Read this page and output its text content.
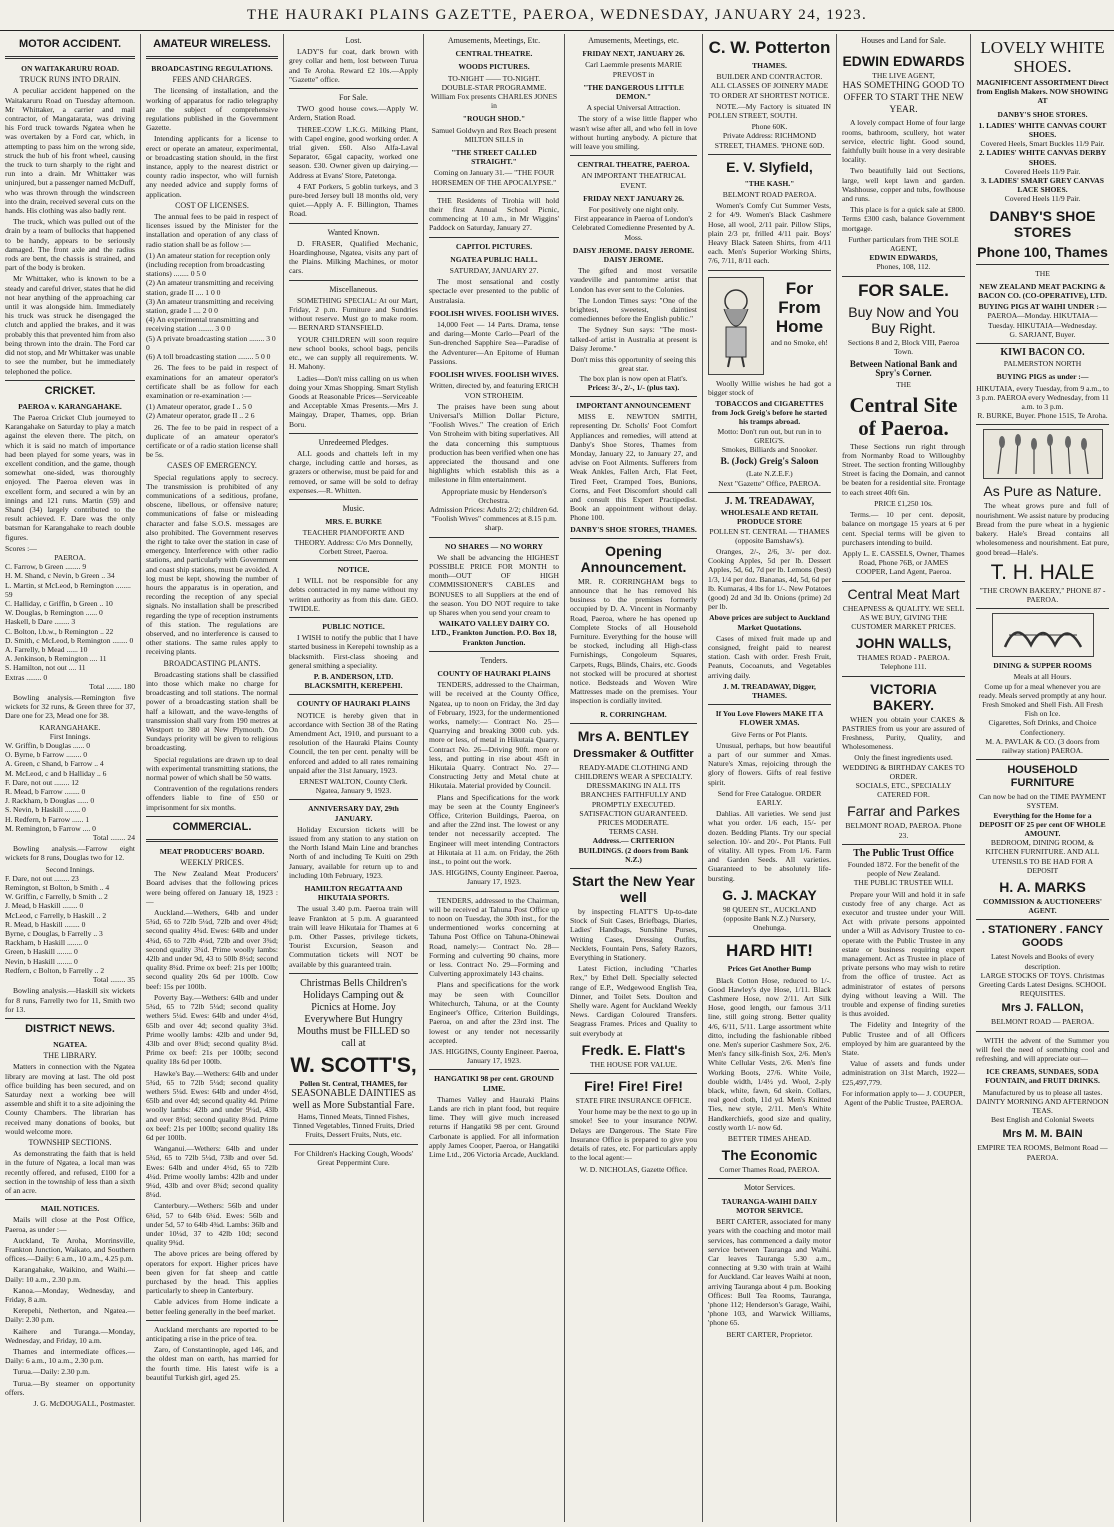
THE HAURAKI PLAINS GAZETTE, PAEROA, WEDNESDAY, JANUARY 24, 1923.
MOTOR ACCIDENT.
ON WAITAKARURU ROAD.
TRUCK RUNS INTO DRAIN.
A peculiar accident happened on the Waitakaruru Road on Tuesday afternoon. Mr Whittaker, a carrier and mail contractor, of Mangatarata, was driving his Ford truck towards Ngatea when he was overtaken by a Ford car, which, in attempting to pass him on the wrong side, struck the hub of his front wheel, causing the truck to turn sharply to the right and run into a drain. Mr Whittaker was uninjured, but a passenger named McDuff, who was thrown through the windscreen into the drain, received several cuts on the hands. His clothing was also badly rent.
The truck, which was pulled out of the drain by a team of bullocks that happened to be handy, appears to be seriously damaged. The front axle and the radius rods are bent, the chassis is strained, and part of the body is broken.
Mr Whittaker, who is known to be a steady and careful driver, states that he did not hear anything of the approaching car until it was alongside him. Immediately his truck was struck he disengaged the clutch and applied the brakes, and it was probably this that prevented him from also being thrown into the drain. The Ford car did not stop, and Mr Whittaker was unable to see the number, but he immediately telephoned the police.
CRICKET.
PAEROA v. KARANGAHAKE.
The Paeroa Cricket Club journeyed to Karangahake on Saturday to play a match against the eleven there. The pitch, on which it is said no match of importance had been played for some years, was in excellent condition, and the game, though somewhat one-sided, was thoroughly enjoyed. The Paeroa eleven was in excellent form, and secured a win by an innings and 121 runs. Martin (59) and Shand (34) largely contributed to the result achieved. F. Dare was the only batsman for Karangahake to reach double figures.
Scores :—
PAEROA.
C. Farrow, b Green ........ 9
H. M. Shand, c Nevin, b Green .. 34
L. Martin, st McLeod, b Remington ........ 59
C. Halliday, c Griffin, b Green .. 10
W. Douglas, b Remington ...... 0
Haskell, b Dare ........ 3
C. Bolton, l.b.w., b Remington .. 22
D. Smith, c McLeod, b Remington ........ 0
A. Farrelly, b Mead ...... 10
A. Jenkinson, b Remington .... 11
S. Hamilton, not out .... 11
Extras ........ 0
Total ........ 180
Bowling analysis.—Remington five wickets for 32 runs, & Green three for 37, Dare one for 23, Mead one for 38.
KARANGAHAKE.
First Innings.
W. Griffin, b Douglas ...... 0
O. Byrne, b Farrow ........ 0
A. Green, c Shand, b Farrow .. 4
M. McLeod, c and b Halliday .. 6
F. Dare, not out ........ 12
R. Mead, b Farrow ........ 0
J. Rackham, b Douglas ...... 0
S. Nevin, b Haskill ........ 0
H. Redfern, b Farrow ...... 1
M. Remington, b Farrow .... 0
Total ........ 24
Bowling analysis.—Farrow eight wickets for 8 runs, Douglas two for 12.
Second Innings.
F. Dare, not out ........ 23
Remington, st Bolton, b Smith .. 4
W. Griffin, c Farrelly, b Smith .. 2
J. Mead, b Haskill ........ 0
McLeod, c Farrelly, b Haskill .. 2
R. Mead, b Haskill ........ 0
Byrne, c Douglas, b Farrelly .. 3
Rackham, b Haskill ........ 0
Green, b Haskill ........ 0
Nevin, b Haskill ........ 0
Redfern, c Bolton, b Farrelly .. 2
Total ........ 35
Bowling analysis.—Haskill six wickets for 8 runs, Farrelly two for 11, Smith two for 13.
DISTRICT NEWS.
NGATEA.
THE LIBRARY.
Matters in connection with the Ngatea library are moving at last. The old post office building has been secured, and on Saturday next a working bee will assemble and shift it to a site adjoining the County Chambers. The librarian has received many donations of books, but would welcome more.
TOWNSHIP SECTIONS.
As demonstrating the faith that is held in the future of Ngatea, a local man was recently offered, and refused, £100 for a section in the township of less than a sixth of an acre.
MAIL NOTICES.
Mails will close at the Post Office, Paeroa, as under :—
Auckland, Te Aroha, Morrinsville, Frankton Junction, Waikato, and Southern offices.—Daily: 6 a.m., 10 a.m., 4.25 p.m.
Karangahake, Waikino, and Waihi.—Daily: 10 a.m., 2.30 p.m.
Kanoa.—Monday, Wednesday, and Friday, 8 a.m.
Kerepehi, Netherton, and Ngatea.—Daily: 2.30 p.m.
Kaihere and Turanga.—Monday, Wednesday, and Friday, 10 a.m.
Thames and intermediate offices.—Daily: 6 a.m., 10 a.m., 2.30 p.m.
Turua.—Daily: 2.30 p.m.
Turua.—By steamer on opportunity offers.
J. G. McDOUGALL, Postmaster.
AMATEUR WIRELESS.
BROADCASTING REGULATIONS.
FEES AND CHARGES.
The licensing of installation, and the working of apparatus for radio telegraphy are the subject of comprehensive regulations published in the Government Gazette.
Intending applicants for a license to erect or operate an amateur, experimental, or broadcasting station should, in the first instance, apply to the nearest district or county radio inspector, who will furnish any needed advice and supply forms of application.
COST OF LICENSES.
The annual fees to be paid in respect of licenses issued by the Minister for the installation and operation of any class of radio station shall be as follow :—
(1) An amateur station for reception only (including reception from broadcasting stations) ........ 0 5 0
(2) An amateur transmitting and receiving station, grade II .... 1 0 0
(3) An amateur transmitting and receiving station, grade I .... 2 0 0
(4) An experimental transmitting and receiving station ........ 3 0 0
(5) A private broadcasting station ........ 3 0 0
(6) A toll broadcasting station ........ 5 0 0
26. The fees to be paid in respect of examinations for an amateur operator's certificate shall be as follow for each examination or re-examination :—
(1) Amateur operator, grade I .. 5 0
(2) Amateur operator, grade II .. 2 6
26. The fee to be paid in respect of a duplicate of an amateur operator's certificate or of a radio station license shall be 5s.
CASES OF EMERGENCY.
Special regulations apply to secrecy. The transmission is prohibited of any communications of a seditious, profane, obscene, libellous, or offensive nature; communications of false or misleading character and false S.O.S. messages are also prohibited. The Government reserves the right to take over the station in case of emergency. Interference with other radio stations, and particularly with Government and coast ship stations, must be avoided. A log must be kept, showing the number of hours the apparatus is in operation, and recording the reception of any special signals. No installation shall be prescribed regarding the type of reception instruments of this station. The regulations are observed, and no interference is caused to other stations. The same rules apply to receiving plants.
BROADCASTING PLANTS.
Broadcasting stations shall be classified into those which make no charge for broadcasting and toll stations. The normal power of a broadcasting station shall be half a kilowatt, and the wave-lengths of transmission shall vary from 190 metres at Westport to 380 at New Plymouth. On Sundays priority will be given to religious broadcasting.
Special regulations are drawn up to deal with experimental transmitting stations, the normal power of which shall be 50 watts.
Contravention of the regulations renders offenders liable to fine of £50 or imprisonment for six months.
COMMERCIAL.
MEAT PRODUCERS' BOARD.
WEEKLY PRICES.
The New Zealand Meat Producers' Board advises that the following prices were being offered on January 18, 1923 :—
Auckland.—Wethers, 64lb and under 5¾d, 65 to 72lb 5¼d, 72lb and over 4¾d; second quality 4¾d. Ewes: 64lb and under 4¾d, 65 to 72lb 4¼d, 72lb and over 3¾d; second quality 3¾d. Prime woolly lambs: 42lb and under 9d, 43 to 50lb 8½d; second quality 8¼d. Prime ox beef: 21s per 100lb; second quality 20s 6d per 100lb. Cow beef: 15s per 100lb.
Poverty Bay.—Wethers: 64lb and under 5¾d, 65 to 72lb 5¼d; second quality wethers 5¼d. Ewes: 64lb and under 4½d, 65lb and over 4d; second quality 3¾d. Prime woolly lambs: 42lb and under 9d, 43lb and over 8¾d; second quality 8¼d. Prime ox beef: 21s per 100lb; second quality 18s 6d per 100lb.
Hawke's Bay.—Wethers: 64lb and under 5¾d, 65 to 72lb 5¼d; second quality wethers 5¼d. Ewes: 64lb and under 4½d, 65lb and over 4d; second quality 4d. Prime woolly lambs: 42lb and under 9¼d, 43lb and over 8¾d; second quality 8¼d. Prime ox beef: 21s per 100lb; second quality 18s 6d per 100lb.
Wanganui.—Wethers: 64lb and under 5¾d, 65 to 72lb 5¼d, 73lb and over 5d. Ewes: 64lb and under 4½d, 65 to 72lb 4¼d. Prime woolly lambs: 42lb and under 9¼d, 43lb and over 8¾d; second quality 8¼d.
Canterbury.—Wethers: 56lb and under 6¾d, 57 to 64lb 6¼d. Ewes: 56lb and under 5d, 57 to 64lb 4¾d. Lambs: 36lb and under 10¼d, 37 to 42lb 10d; second quality 9¾d.
The above prices are being offered by operators for export. Higher prices have been given for fat sheep and cattle purchased by the head. This applies particularly to sheep in Canterbury.
Cable advices from Home indicate a better feeling generally in the beef market.
Auckland merchants are reported to be anticipating a rise in the price of tea.
Zaro, of Constantinople, aged 146, and the oldest man on earth, has married for the fourth time. His latest wife is a beautiful Turkish girl, aged 25.
Lost.
LADY'S fur coat, dark brown with grey collar and hem, lost between Turua and Te Aroha. Reward £2 10s.—Apply "Gazette" office.
For Sale.
TWO good house cows.—Apply W. Ardern, Station Road.
THREE-COW L.K.G. Milking Plant, with Capel engine, good working order. A trial given. £60. Also Alfa-Laval Separator, 65gal capacity, worked one season. £30. Owner given up dairying.—Address at Evans' Store, Patetonga.
4 FAT Porkers, 5 goblin turkeys, and 3 pure-bred Jersey bull 18 months old, very quiet.—Apply A. F. Billington, Thames Road.
Wanted Known.
D. FRASER, Qualified Mechanic, Hoardinghouse, Ngatea, visits any part of the Plains. Milking Machines, or motor cars.
Miscellaneous.
SOMETHING SPECIAL: At our Mart, Friday, 2 p.m. Furniture and Sundries without reserve. Must go to make room.— BERNARD STANSFIELD.
YOUR CHILDREN will soon require new school books, school bags, pencils etc., we can supply all requirements. W. H. Mahony.
Ladies—Don't miss calling on us when doing your Xmas Shopping. Smart Stylish Goods at Reasonable Prices—Serviceable and Acceptable Xmas Presents.—Mrs J. Maingay, Draper, Thames, opp. Brian Boru.
Unredeemed Pledges.
ALL goods and chattels left in my charge, including cattle and horses, as grazers or otherwise, must be paid for and removed, or same will be sold to defray expenses.—R. Whitten.
Music.
MRS. E. BURKE
TEACHER PIANOFORTE AND THEORY. Address: C/o Mrs Donnelly, Corbett Street, Paeroa.
NOTICE.
I WILL not be responsible for any debts contracted in my name without my written authority as from this date. GEO. TWIDLE.
PUBLIC NOTICE.
I WISH to notify the public that I have started business in Kerepehi township as a blacksmith. First-class shoeing and general smithing a speciality.
P. B. ANDERSON, LTD. BLACKSMITH, KEREPEHI.
COUNTY OF HAURAKI PLAINS
NOTICE is hereby given that in accordance with Section 38 of the Rating Amendment Act, 1910, and pursuant to a resolution of the Hauraki Plains County Council, the ten per cent. penalty will be enforced and added to all rates remaining unpaid after the 31st January, 1923.
ERNEST WALTON, County Clerk. Ngatea, January 9, 1923.
ANNIVERSARY DAY, 29th JANUARY.
Holiday Excursion tickets will be issued from any station to any station on the North Island Main Line and branches North of and including Te Kuiti on 29th January, available for return up to and including 10th February, 1923.
HAMILTON REGATTA AND HIKUTAIA SPORTS.
The usual 3.40 p.m. Paeroa train will leave Frankton at 5 p.m. A guaranteed train will leave Hikutaia for Thames at 6 p.m. Other Passes, privilege tickets, Tourist Excursion, Season and Commutation tickets will NOT be available by this guaranteed train.
Christmas Bells Children's Holidays Camping out & Picnics at Home. Joy Everywhere But Hungry Mouths must be FILLED so call at
W. SCOTT'S,
Pollen St. Central, THAMES, for
SEASONABLE DAINTIES as well as More Substantial Fare.
Hams, Tinned Meats, Tinned Fishes, Tinned Vegetables, Tinned Fruits, Dried Fruits, Dessert Fruits, Nuts, etc.
For Children's Hacking Cough, Woods' Great Peppermint Cure.
Amusements, Meetings, Etc.
CENTRAL THEATRE.
WOODS PICTURES.
TO-NIGHT —— TO-NIGHT.
DOUBLE-STAR PROGRAMME.
William Fox presents CHARLES JONES in
"ROUGH SHOD."
Samuel Goldwyn and Rex Beach present MILTON SILLS in
"THE STREET CALLED STRAIGHT."
Coming on January 31.— "THE FOUR HORSEMEN OF THE APOCALYPSE."
THE Residents of Tirohia will hold their first Annual School Picnic, commencing at 10 a.m., in Mr Wiggins' Paddock on Saturday, January 27.
CAPITOL PICTURES.
NGATEA PUBLIC HALL.
SATURDAY, JANUARY 27.
The most sensational and costly spectacle ever presented to the public of Australasia.
FOOLISH WIVES. FOOLISH WIVES.
14,000 Feet — 14 Parts. Drama, tense and daring—Monte Carlo—Pearl of the Sun-drenched Sapphire Sea—Paradise of the Adventurer—An Epitome of Human Passions.
FOOLISH WIVES. FOOLISH WIVES.
Written, directed by, and featuring ERICH VON STROHEIM.
The praises have been sung about Universal's Million Dollar Picture, "Foolish Wives." The creation of Erich Von Stroheim with biting superlatives. All the data concerning this sumptuous production has been verified when one has appreciated the thousand and one highlights which establish this as a milestone in film entertainment.
Appropriate music by Henderson's Orchestra.
Admission Prices: Adults 2/2; children 6d. "Foolish Wives" commences at 8.15 p.m. sharp.
NO SHARES — NO WORRY
We shall be advancing the HIGHEST POSSIBLE PRICE FOR MONTH to month—OUT OF HIGH COMMISSIONER'S CABLES and BONUSES to all Suppliers at the end of the season. You DO NOT require to take up Shares when you send your cream to
WAIKATO VALLEY DAIRY CO. LTD., Frankton Junction. P.O. Box 18, Frankton Junction.
Tenders.
COUNTY OF HAURAKI PLAINS
TENDERS, addressed to the Chairman, will be received at the County Office, Ngatea, up to noon on Friday, the 3rd day of February, 1923, for the undermentioned works, namely:— Contract No. 25—Quarrying and breaking 3000 cub. yds. more or less, of metal in Hikutaia Quarry. Contract No. 26—Driving 90ft. more or less, and putting in rise about 45ft in Hikutaia Quarry. Contract No. 27—Constructing Jetty and Metal chute at Hikutaia. Material provided by Council.
Plans and Specifications for the work may be seen at the County Engineer's Office, Criterion Buildings, Paeroa, on and after the 22nd inst. The lowest or any tender not necessarily accepted. The Engineer will meet intending Contractors at Hikutaia at 11 a.m. on Friday, the 26th inst., to point out the work.
JAS. HIGGINS, County Engineer. Paeroa, January 17, 1923.
TENDERS, addressed to the Chairman, will be received at Tahuna Post Office up to noon on Tuesday, the 30th inst., for the undermentioned works concerning at Tahuna Post Office on Tahuna-Ohinewai Road, namely:— Contract No. 28—Forming and culverting 90 chains, more or less. Contract No. 29—Forming and Culverting approximately 143 chains.
Plans and specifications for the work may be seen with Councillor Whitechurch, Tahuna, or at the County Engineer's Office, Criterion Buildings, Paeroa, on and after the 23rd inst. The lowest or any tender not necessarily accepted.
JAS. HIGGINS, County Engineer. Paeroa, January 17, 1923.
HANGATIKI 98 per cent. GROUND LIME.
Thames Valley and Hauraki Plains Lands are rich in plant food, but require lime. They will give much increased returns if Hangatiki 98 per cent. Ground Carbonate is applied. For all information apply James Cooper, Paeroa, or Hangatiki Lime Ltd., 206 Victoria Arcade, Auckland.
Amusements, Meetings, etc.
FRIDAY NEXT, JANUARY 26.
Carl Laemmle presents MARIE PREVOST in
"THE DANGEROUS LITTLE DEMON."
A special Universal Attraction.
The story of a wise little flapper who wasn't wise after all, and who fell in love without hurting anybody. A picture that will leave you smiling.
CENTRAL THEATRE, PAEROA.
AN IMPORTANT THEATRICAL EVENT.
FRIDAY NEXT JANUARY 26.
For positively one night only.
First appearance in Paeroa of London's Celebrated Comedienne Presented by A. Moss.
DAISY JEROME. DAISY JEROME. DAISY JEROME.
The gifted and most versatile vaudeville and pantomime artist that London has ever sent to the Colonies.
The London Times says: "One of the brightest, sweetest, daintiest comediennes before the English public."
The Sydney Sun says: "The most-talked-of artist in Australia at present is Daisy Jerome."
Don't miss this opportunity of seeing this great star.
The box plan is now open at Flatt's.
Prices: 3/-, 2/-, 1/- (plus tax).
IMPORTANT ANNOUNCEMENT
MISS E. NEWTON SMITH, representing Dr. Scholls' Foot Comfort Appliances and remedies, will attend at Danby's Shoe Stores, Thames from Monday, January 22, to January 27, and advise on Foot Ailments. Sufferers from Weak Ankles, Fallen Arch, Flat Feet, Tired Feet, Cramped Toes, Bunions, Corns, and Feet Discomfort should call and consult this Expert Practipedist. Book an appointment without delay. Phone 100.
DANBY'S SHOE STORES, THAMES.
Opening Announcement.
MR. R. CORRINGHAM begs to announce that he has removed his business to the premises formerly occupied by D. A. Vincent in Normanby Road, Paeroa, where he has opened up Complete Stocks of all Household Furniture. Everything for the house will be stocked, including all High-class Furnishings, Congoleum Squares, Carpets, Rugs, Blinds, Chairs, etc. Goods not stocked will be procured at shortest notice. Bedsteads and Woven Wire Mattresses made on the premises. Your inspection is cordially invited.
R. CORRINGHAM.
Mrs A. BENTLEY
Dressmaker & Outfitter
READY-MADE CLOTHING AND CHILDREN'S WEAR A SPECIALTY.
DRESSMAKING IN ALL ITS BRANCHES FAITHFULLY AND PROMPTLY EXECUTED.
SATISFACTION GUARANTEED.
PRICES MODERATE.
TERMS CASH.
Address.— CRITERION BUILDINGS. (2 doors from Bank N.Z.)
Start the New Year well
by inspecting FLATT'S Up-to-date Stock of Suit Cases, Briefbags, Diaries, Ladies' Handbags, Sunshine Purses, Writing Cases, Dressing Outfits, Necklets, Fountain Pens, Safety Razors, Everything in Stationery.
Latest Fiction, including "Charles Rex," by Ethel Dell. Specially selected range of E.P., Wedgewood English Tea, Dinner, and Toilet Sets. Doulton and Shelly ware. Agent for Auckland Weekly News. Cardigan Coloured Transfers. Seagrass Frames. Prices and Quality to suit everybody at
Fredk. E. Flatt's
THE HOUSE FOR VALUE.
Fire! Fire! Fire!
STATE FIRE INSURANCE OFFICE.
Your home may be the next to go up in smoke! See to your insurance NOW. Delays are Dangerous. The State Fire Insurance Office is prepared to give you details of rates, etc. For particulars apply to the local agent:—
W. D. NICHOLAS, Gazette Office.
C. W. Potterton
THAMES.
BUILDER AND CONTRACTOR.
ALL CLASSES OF JOINERY MADE TO ORDER AT SHORTEST NOTICE.
NOTE.—My Factory is situated IN POLLEN STREET, SOUTH.
Phone 60K.
Private Address: RICHMOND STREET, THAMES. 'PHONE 60D.
E. V. Slyfield,
"THE KASH."
BELMONT ROAD PAEROA.
Women's Comfy Cut Summer Vests, 2 for 4/9. Women's Black Cashmere Hose, all wool, 2/11 pair. Pillow Slips, plain 2/3 pr, frilled 4/11 pair. Boys' Heavy Black Sateen Shirts, from 4/11 each. Men's Superior Working Shirts, 7/6, 7/11, 8/11 each.
For From Home
and no Smoke, eh!
Woolly Willie wishes he had got a bigger stock of
TOBACCOS and CIGARETTES from Jock Greig's before he started his tramps abroad.
Motto: Don't run out, but run in to GREIG'S.
Smokes, Billiards and Snooker.
B. (Jock) Greig's Saloon
(Late N.Z.E.F.)
Next "Gazette" Office, PAEROA.
J. M. TREADAWAY,
WHOLESALE AND RETAIL PRODUCE STORE
POLLEN ST. CENTRAL — THAMES (opposite Bamshaw's).
Oranges, 2/-, 2/6, 3/- per doz. Cooking Apples, 5d per lb. Dessert Apples, 5d, 6d, 7d per lb. Lemons (best) 1/3, 1/4 per doz. Bananas, 4d, 5d, 6d per lb. Kumaras, 4 lbs for 1/-. New Potatoes (good) 2d and 3d lb. Onions (prime) 2d per lb.
Above prices are subject to Auckland Market Quotations.
Cases of mixed fruit made up and consigned, freight paid to nearest station. Cash with order. Fresh Fruit, Peanuts, Cocoanuts, and Vegetables arriving daily.
J. M. TREADAWAY, Digger, THAMES.
If You Love Flowers MAKE IT A FLOWER XMAS.
Give Ferns or Pot Plants.
Unusual, perhaps, but how beautiful a part of our summer and Xmas. Nature's Xmas, rejoicing through the glory of flowers. Gifts of real festive spirit.
Send for Free Catalogue. ORDER EARLY.
Dahlias. All varieties. We send just what you order. 1/6 each, 15/- per dozen. Bedding Plants. Try our special selection. 10/- and 20/-. Pot Plants. Full of vitality. All types. From 1/6. Farm and Garden Seeds. All varieties. Guaranteed to be absolutely life-bursting.
G. J. MACKAY
98 QUEEN ST., AUCKLAND (opposite Bank N.Z.) Nursery, Onehunga.
HARD HIT!
Prices Get Another Bump
Black Cotton Hose, reduced to 1/-. Good Hawley's dye Hose, 1/11. Black Cashmere Hose, now 2/11. Art Silk Hose, good length, our famous 3/11 line, still going strong. Better quality 4/6, 6/11, 5/11. Large assortment white ditto, including the fashionable ribbed one. Men's superior Cashmere Sox, 2/6. Men's fancy silk-finish Sox, 2/6. Men's White Cellular Vests, 2/6. Men's fine Working Boots, 27/6. White Voile, double width, 1/4½ yd. Wool, 2-ply black, white, fawn, 6d skein. Collars, real good cloth, 11d yd. Men's Knitted Ties, new style, 2/11. Men's White Handkerchiefs, good size and quality, costly worth 1/- now 6d.
BETTER TIMES AHEAD.
The Economic
Corner Thames Road, PAEROA.
Motor Services.
TAURANGA-WAIHI DAILY MOTOR SERVICE.
BERT CARTER, associated for many years with the coaching and motor mail services, has commenced a daily motor service between Tauranga and Waihi. Car leaves Tauranga 5.30 a.m., connecting at 9.30 with train at Waihi for Auckland. Car leaves Waihi at noon, arriving Tauranga about 4 p.m. Booking Offices: Bull Tea Rooms, Tauranga, 'phone 112; Henderson's Garage, Waihi, 'phone 103, and Warwick Williams, 'phone 65.
BERT CARTER, Proprietor.
Houses and Land for Sale.
EDWIN EDWARDS
THE LIVE AGENT,
HAS SOMETHING GOOD TO OFFER TO START THE NEW YEAR.
A lovely compact Home of four large rooms, bathroom, scullery, hot water service, electric light. Good sound, faithfully built house in a very desirable locality.
Two beautifully laid out Sections, large, well kept lawn and garden. Washhouse, copper and tubs, fowlhouse and runs.
This place is for a quick sale at £800. Terms £300 cash, balance Government mortgage.
Further particulars from THE SOLE AGENT,
EDWIN EDWARDS,
Phones, 108, 112.
FOR SALE.
Buy Now and You Buy Right.
Sections 8 and 2, Block VIII, Paeroa Town.
Between National Bank and Spry's Corner.
THE
Central Site of Paeroa.
These Sections run right through from Normanby Road to Willoughby Street. The section fronting Willoughby Street is facing the Domain, and cannot be beaten for a residential site. Frontage to each street 40ft 6in.
PRICE £1,250 10s.
Terms.— 10 per cent. deposit, balance on mortgage 15 years at 6 per cent. Special terms will be given to purchasers intending to build.
Apply L. E. CASSELS, Owner, Thames Road, Phone 76B, or JAMES COOPER, Land Agent, Paeroa.
Central Meat Mart
CHEAPNESS & QUALITY. WE SELL AS WE BUY, GIVING THE CUSTOMER MARKET PRICES.
JOHN WALLS,
THAMES ROAD - PAEROA. Telephone 111.
VICTORIA BAKERY.
WHEN you obtain your CAKES & PASTRIES from us your are assured of Freshness, Purity, Quality, and Wholesomeness.
Only the finest ingredients used.
WEDDING & BIRTHDAY CAKES TO ORDER.
SOCIALS, ETC., SPECIALLY CATERED FOR.
Farrar and Parkes
BELMONT ROAD, PAEROA. Phone 23.
The Public Trust Office
Founded 1872. For the benefit of the people of New Zealand.
THE PUBLIC TRUSTEE WILL
Prepare your Will and hold it in safe custody free of any charge. Act as executor and trustee under your Will. Act with private persons appointed under a Will as Advisory Trustee to co-operate with the Public Trustee in any estate or business requiring expert management. Act as Trustee in place of private persons who may wish to retire from the office of trustee. Act as administrator of estates of persons dying without leaving a Will. The trouble and expense of finding sureties is thus avoided.
The Fidelity and Integrity of the Public Trustee and of all Officers employed by him are guaranteed by the State.
Value of assets and funds under administration on 31st March, 1922— £25,497,779.
For information apply to— J. COUPER, Agent of the Public Trustee, PAEROA.
LOVELY WHITE SHOES.
MAGNIFICENT ASSORTMENT Direct from English Makers. NOW SHOWING AT
DANBY'S SHOE STORES.
1. LADIES' WHITE CANVAS COURT SHOES.
Covered Heels, Smart Buckles 11/9 Pair.
2. LADIES' WHITE CANVAS DERBY SHOES.
Covered Heels 11/9 Pair.
3. LADIES' SMART GREY CANVAS LACE SHOES.
Covered Heels 11/9 Pair.
DANBY'S SHOE STORES
Phone 100, Thames
THE
NEW ZEALAND MEAT PACKING & BACON CO. (CO-OPERATIVE), LTD.
BUYING PIGS AT WAIHI UNDER :—
PAEROA—Monday. HIKUTAIA—Tuesday. HIKUTAIA—Wednesday.
G. SARJANT, Buyer.
KIWI BACON CO.
PALMERSTON NORTH
BUYING PIGS as under :—
HIKUTAIA, every Tuesday, from 9 a.m., to 3 p.m. PAEROA every Wednesday, from 11 a.m. to 3 p.m.
R. BURKE, Buyer. Phone 151S, Te Aroha.
As Pure as Nature.
The wheat grows pure and full of nourishment. We assist nature by producing Bread from the pure wheat in a hygienic bakery. Hale's Bread contains all wholesomeness and nourishment. Eat pure, good bread—Hale's.
T. H. HALE
"THE CROWN BAKERY," PHONE 87 - PAEROA.
DINING & SUPPER ROOMS
Meals at all Hours.
Come up for a meal whenever you are ready. Meals served promptly at any hour.
Fresh Smoked and Shell Fish. All Fresh Fish on Ice.
Cigarettes, Soft Drinks, and Choice Confectionery.
M. A. PAVLAK & CO. (3 doors from railway station) PAEROA.
HOUSEHOLD FURNITURE
Can now be had on the TIME PAYMENT SYSTEM.
Everything for the Home for a DEPOSIT OF 25 per cent OF WHOLE AMOUNT.
BEDROOM, DINING ROOM, & KITCHEN FURNITURE. AND ALL UTENSILS TO BE HAD FOR A DEPOSIT
H. A. MARKS
COMMISSION & AUCTIONEERS' AGENT.
. STATIONERY . FANCY GOODS
Latest Novels and Books of every description.
LARGE STOCKS OF TOYS. Christmas Greeting Cards Latest Designs. SCHOOL REQUISITES.
Mrs J. FALLON,
BELMONT ROAD — PAEROA.
WITH the advent of the Summer you will feel the need of something cool and refreshing, and will appreciate our—
ICE CREAMS, SUNDAES, SODA FOUNTAIN, and FRUIT DRINKS.
Manufactured by us to please all tastes.
DAINTY MORNING AND AFTERNOON TEAS.
Best English and Colonial Sweets
Mrs M. M. BAIN
EMPIRE TEA ROOMS, Belmont Road — PAEROA.
